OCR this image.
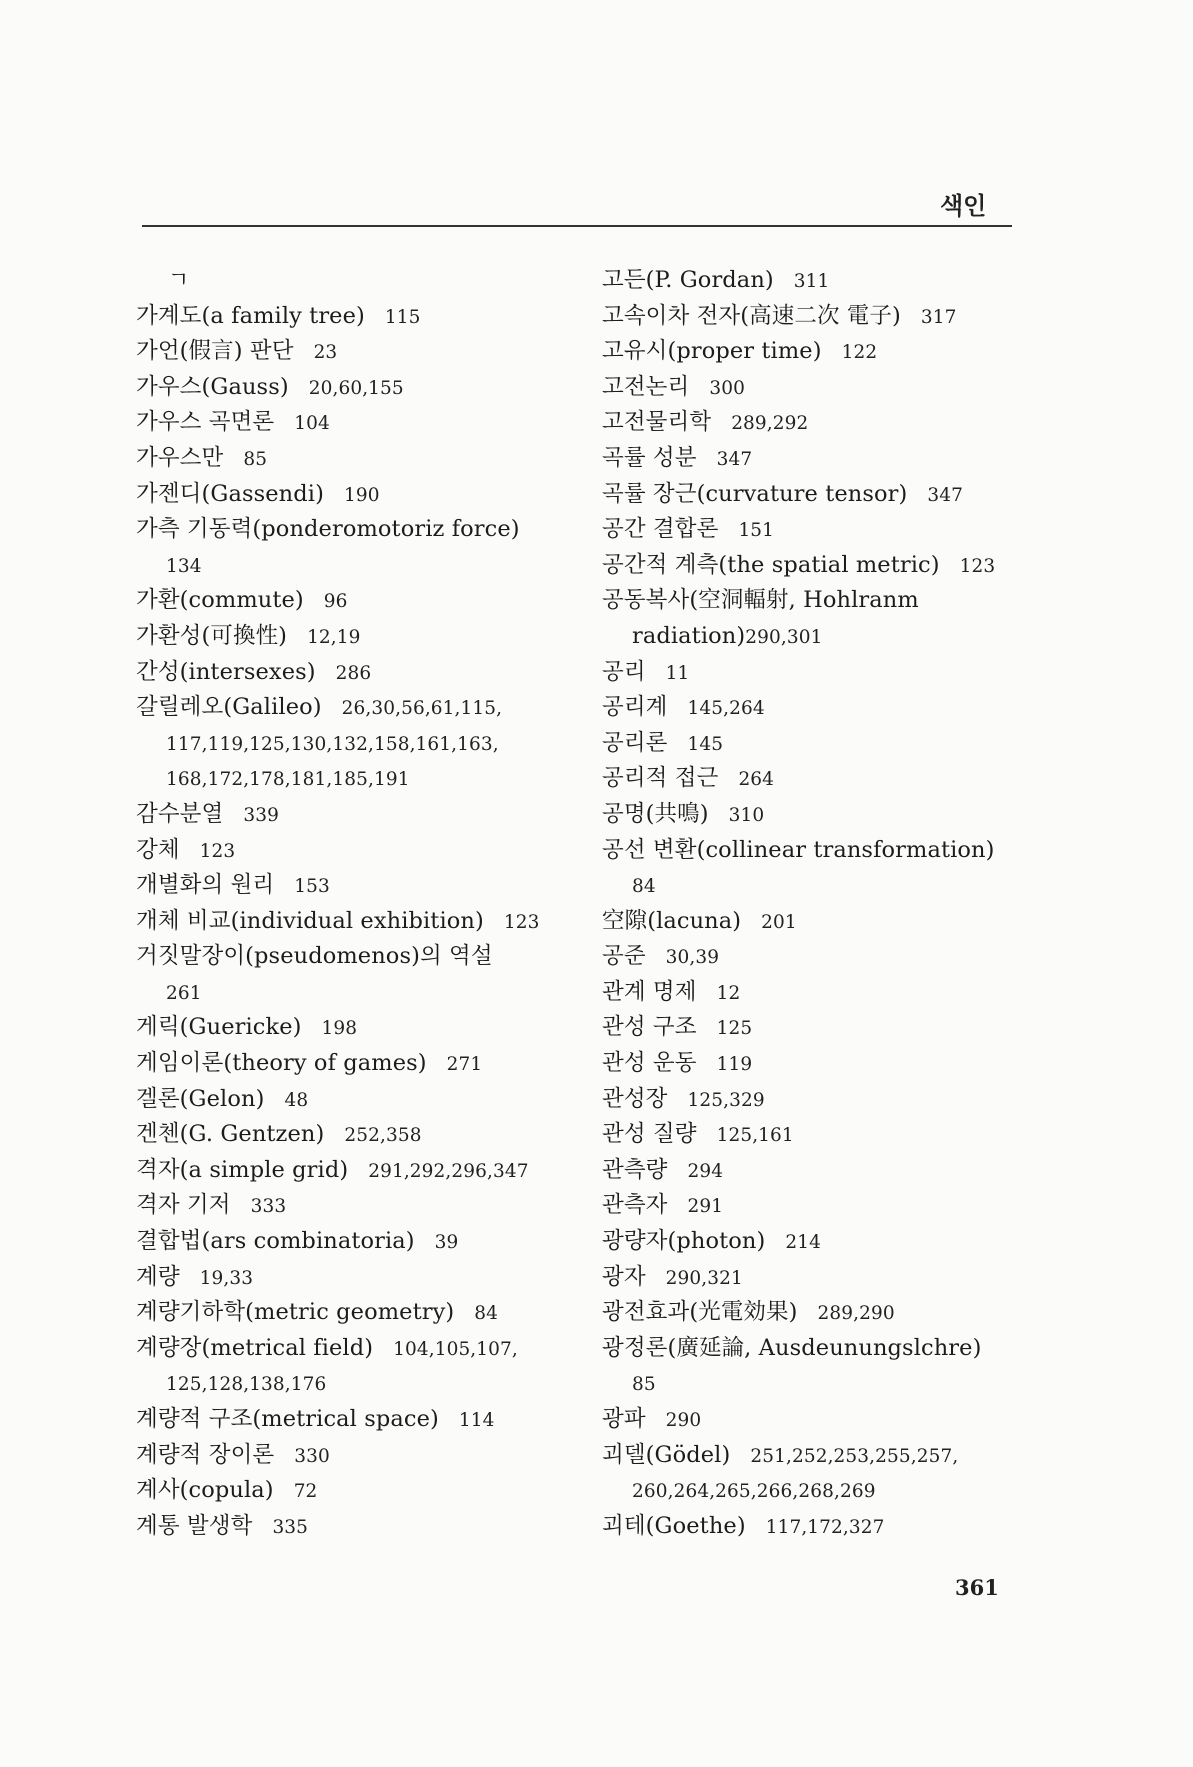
색인
ㄱ
가계도(a family tree) 115
가언(假言) 판단 23
가우스(Gauss) 20,60,155
가우스 곡면론 104
가우스만 85
가젠디(Gassendi) 190
가측 기동력(ponderomotoriz force)
134
가환(commute) 96
가환성(可換性) 12,19
간성(intersexes) 286
갈릴레오(Galileo) 26,30,56,61,115,
117,119,125,130,132,158,161,163,
168,172,178,181,185,191
감수분열 339
강체 123
개별화의 원리 153
개체 비교(individual exhibition) 123
거짓말장이(pseudomenos)의 역설
261
게릭(Guericke) 198
게임이론(theory of games) 271
겔론(Gelon) 48
겐첸(G. Gentzen) 252,358
격자(a simple grid) 291,292,296,347
격자 기저 333
결합법(ars combinatoria) 39
계량 19,33
계량기하학(metric geometry) 84
계량장(metrical field) 104,105,107,
125,128,138,176
계량적 구조(metrical space) 114
계량적 장이론 330
계사(copula) 72
계통 발생학 335
고든(P. Gordan) 311
고속이차 전자(高速二次 電子) 317
고유시(proper time) 122
고전논리 300
고전물리학 289,292
곡률 성분 347
곡률 장근(curvature tensor) 347
공간 결합론 151
공간적 계측(the spatial metric) 123
공동복사(空洞輻射, Hohlranm
radiation)290,301
공리 11
공리계 145,264
공리론 145
공리적 접근 264
공명(共鳴) 310
공선 변환(collinear transformation)
84
空隙(lacuna) 201
공준 30,39
관계 명제 12
관성 구조 125
관성 운동 119
관성장 125,329
관성 질량 125,161
관측량 294
관측자 291
광량자(photon) 214
광자 290,321
광전효과(光電効果) 289,290
광정론(廣延論, Ausdeunungslchre)
85
광파 290
괴델(Gödel) 251,252,253,255,257,
260,264,265,266,268,269
괴테(Goethe) 117,172,327
361
